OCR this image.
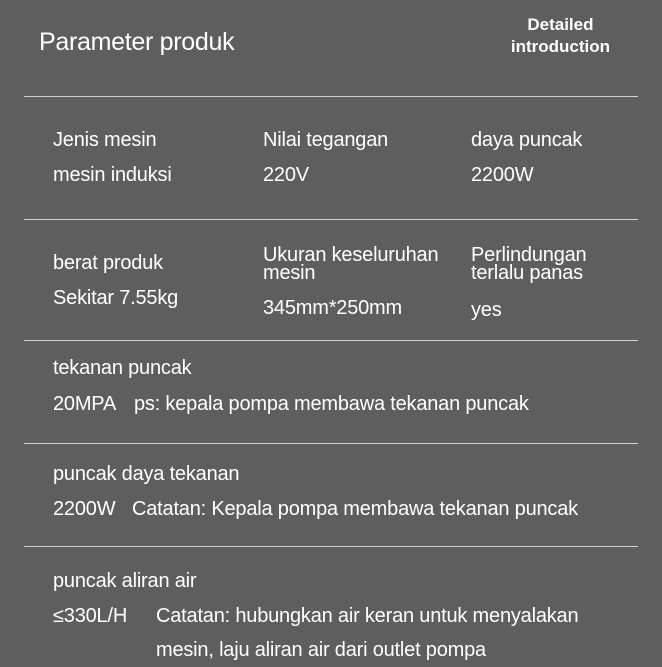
Parameter produk
Detailed
introduction
Jenis mesin
mesin induksi
Nilai tegangan
220V
daya puncak
2200W
berat produk
Sekitar 7.55kg
Ukuran keseluruhan
mesin
345mm*250mm
Perlindungan
terlalu panas
yes
tekanan puncak
20MPA ps: kepala pompa membawa tekanan puncak
puncak daya tekanan
2200W Catatan: Kepala pompa membawa tekanan puncak
puncak aliran air
≤330L/H Catatan: hubungkan air keran untuk menyalakan
mesin, laju aliran air dari outlet pompa
